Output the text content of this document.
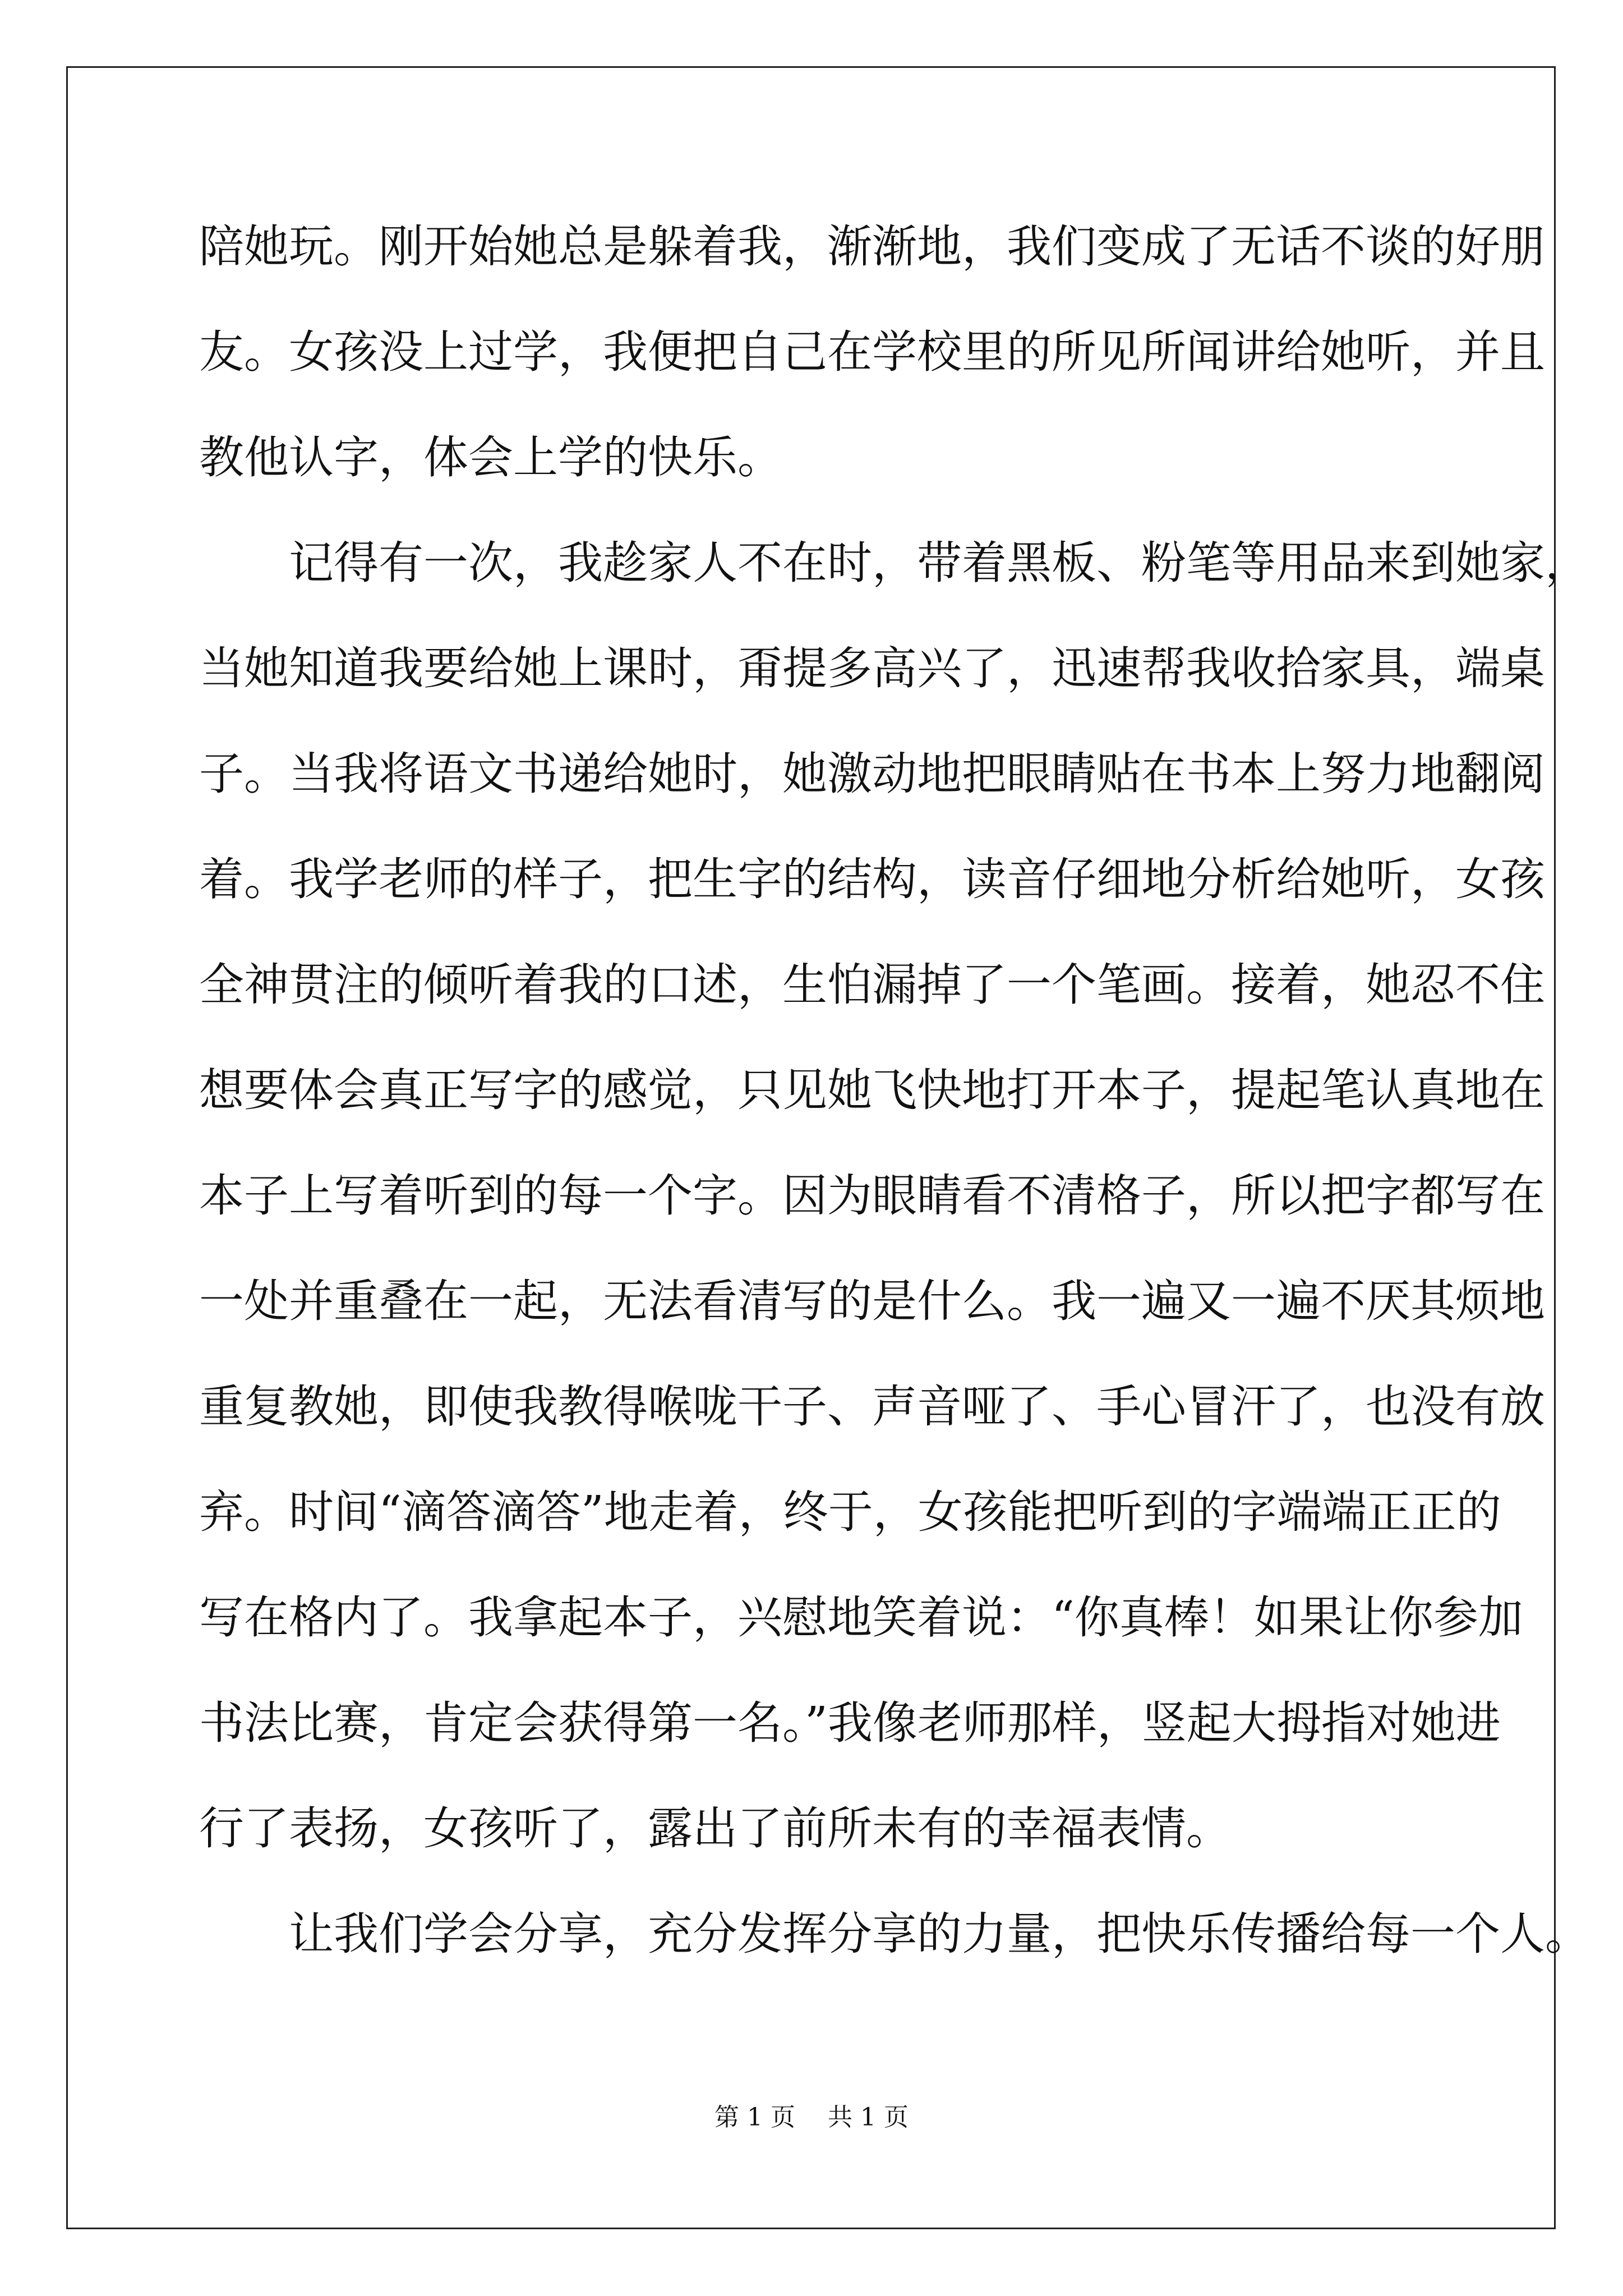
陪她玩。刚开始她总是躲着我，渐渐地，我们变成了无话不谈的好朋
友。女孩没上过学，我便把自己在学校里的所见所闻讲给她听，并且
教他认字，体会上学的快乐。
　　记得有一次，我趁家人不在时，带着黑板、粉笔等用品来到她家，
当她知道我要给她上课时，甭提多高兴了，迅速帮我收拾家具，端桌
子。当我将语文书递给她时，她激动地把眼睛贴在书本上努力地翻阅
着。我学老师的样子，把生字的结构，读音仔细地分析给她听，女孩
全神贯注的倾听着我的口述，生怕漏掉了一个笔画。接着，她忍不住
想要体会真正写字的感觉，只见她飞快地打开本子，提起笔认真地在
本子上写着听到的每一个字。因为眼睛看不清格子，所以把字都写在
一处并重叠在一起，无法看清写的是什么。我一遍又一遍不厌其烦地
重复教她，即使我教得喉咙干子、声音哑了、手心冒汗了，也没有放
弃。时间“滴答滴答”地走着，终于，女孩能把听到的字端端正正的
写在格内了。我拿起本子，兴慰地笑着说：“你真棒！如果让你参加
书法比赛，肯定会获得第一名。”我像老师那样，竖起大拇指对她进
行了表扬，女孩听了，露出了前所未有的幸福表情。
　　让我们学会分享，充分发挥分享的力量，把快乐传播给每一个人。
第 1 页　 共 1 页
